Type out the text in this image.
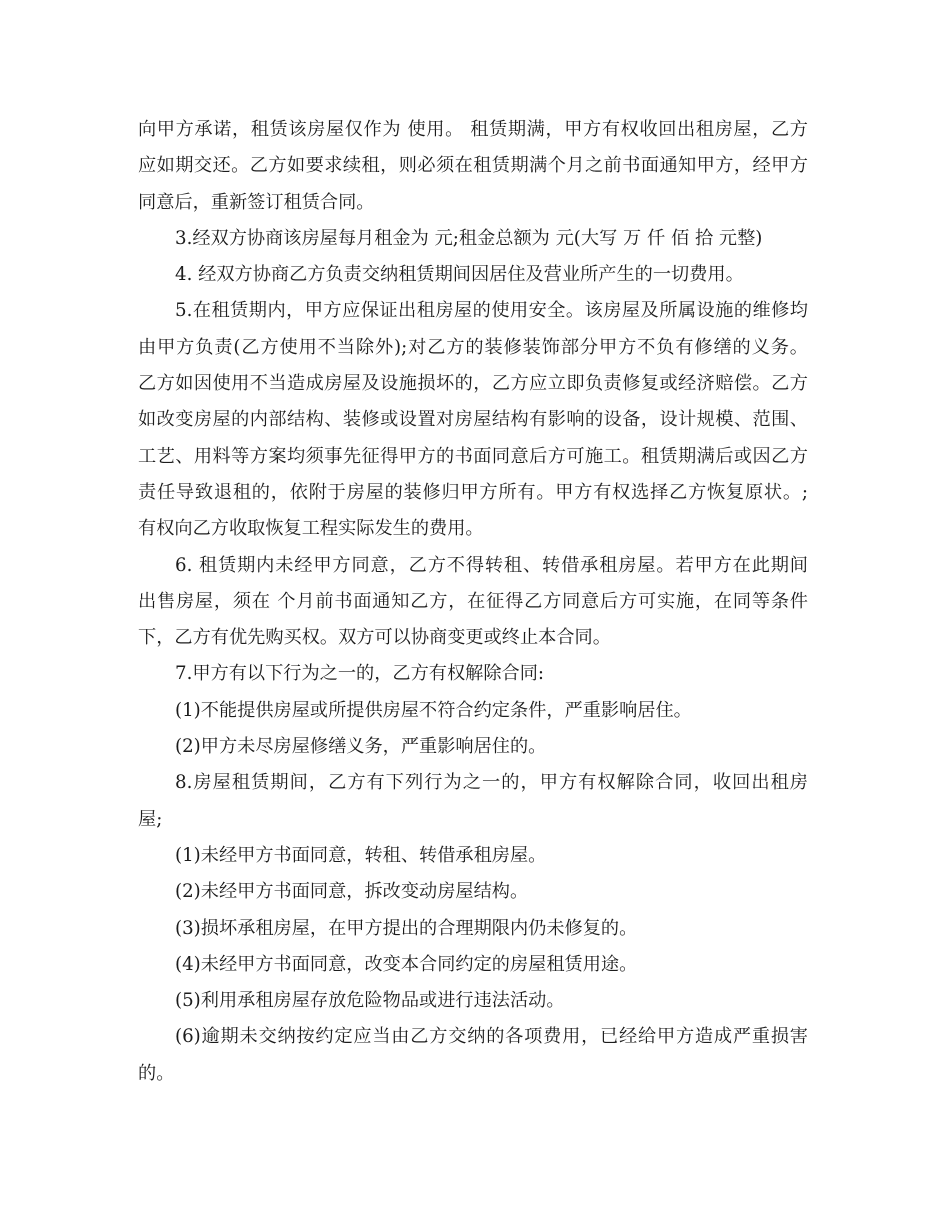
向甲方承诺，租赁该房屋仅作为 使用。 租赁期满，甲方有权收回出租房屋，乙方
应如期交还。乙方如要求续租，则必须在租赁期满个月之前书面通知甲方，经甲方
同意后，重新签订租赁合同。
3.经双方协商该房屋每月租金为 元;租金总额为 元(大写 万 仟 佰 拾 元整)
4. 经双方协商乙方负责交纳租赁期间因居住及营业所产生的一切费用。
5.在租赁期内，甲方应保证出租房屋的使用安全。该房屋及所属设施的维修均
由甲方负责(乙方使用不当除外);对乙方的装修装饰部分甲方不负有修缮的义务。
乙方如因使用不当造成房屋及设施损坏的，乙方应立即负责修复或经济赔偿。乙方
如改变房屋的内部结构、装修或设置对房屋结构有影响的设备，设计规模、范围、
工艺、用料等方案均须事先征得甲方的书面同意后方可施工。租赁期满后或因乙方
责任导致退租的，依附于房屋的装修归甲方所有。甲方有权选择乙方恢复原状。;
有权向乙方收取恢复工程实际发生的费用。
6. 租赁期内未经甲方同意，乙方不得转租、转借承租房屋。若甲方在此期间
出售房屋，须在 个月前书面通知乙方，在征得乙方同意后方可实施，在同等条件
下，乙方有优先购买权。双方可以协商变更或终止本合同。
7.甲方有以下行为之一的，乙方有权解除合同:
(1)不能提供房屋或所提供房屋不符合约定条件，严重影响居住。
(2)甲方未尽房屋修缮义务，严重影响居住的。
8.房屋租赁期间，乙方有下列行为之一的，甲方有权解除合同，收回出租房
屋;
(1)未经甲方书面同意，转租、转借承租房屋。
(2)未经甲方书面同意，拆改变动房屋结构。
(3)损坏承租房屋，在甲方提出的合理期限内仍未修复的。
(4)未经甲方书面同意，改变本合同约定的房屋租赁用途。
(5)利用承租房屋存放危险物品或进行违法活动。
(6)逾期未交纳按约定应当由乙方交纳的各项费用，已经给甲方造成严重损害
的。
